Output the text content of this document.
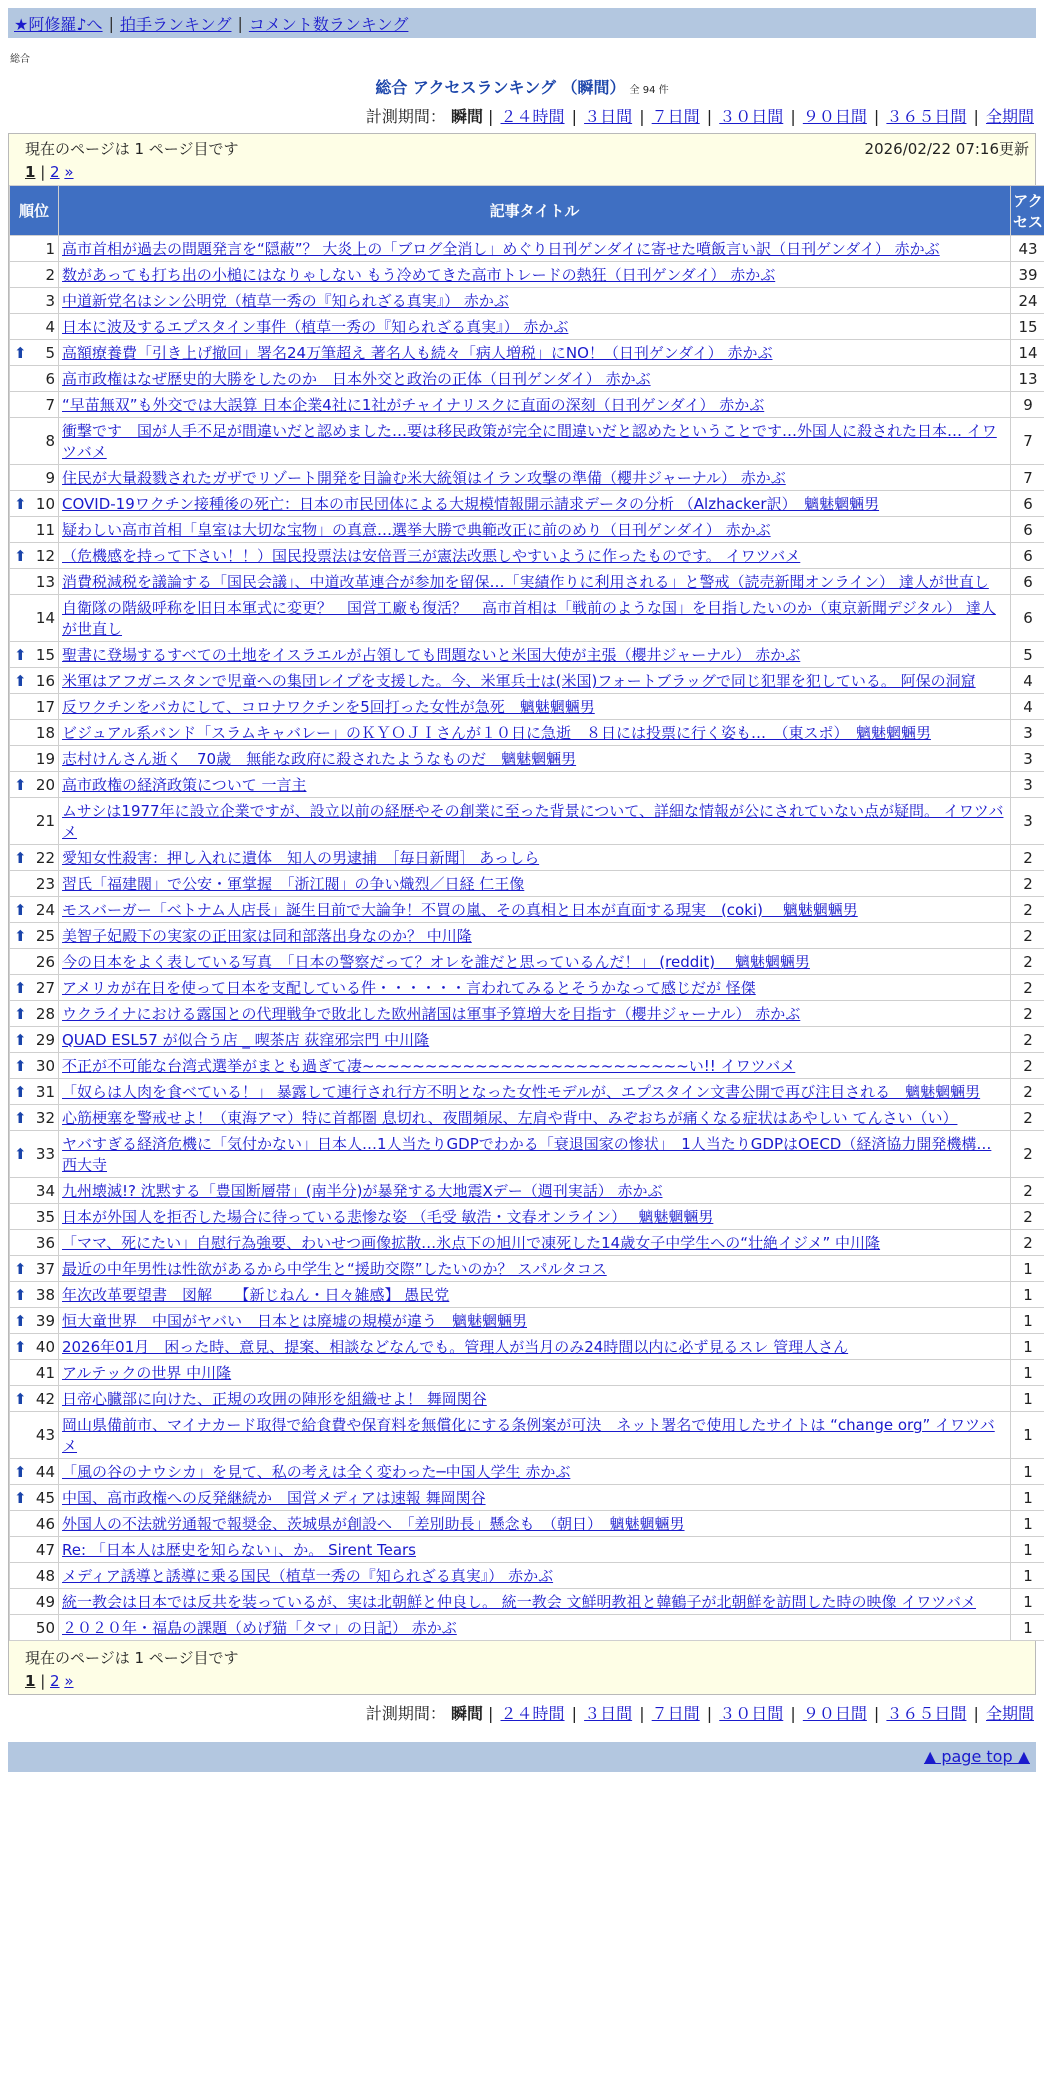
★阿修羅♪へ | 拍手ランキング | コメント数ランキング
総合
総合 アクセスランキング （瞬間） 全 94 件
計測期間： 瞬間 | ２４時間 | ３日間 | ７日間 | ３０日間 | ９０日間 | ３６５日間 | 全期間
現在のページは 1 ページ目です	2026/02/22 07:16更新
1 | 2 »
順位	記事タイトル	アクセス
1	高市首相が過去の問題発言を“隠蔽”？ 大炎上の「ブログ全消し」めぐり日刊ゲンダイに寄せた噴飯言い訳（日刊ゲンダイ） 赤かぶ	43
2	数があっても打ち出の小槌にはなりゃしない もう冷めてきた高市トレードの熱狂（日刊ゲンダイ） 赤かぶ	39
3	中道新党名はシン公明党（植草一秀の『知られざる真実』） 赤かぶ	24
4	日本に波及するエプスタイン事件（植草一秀の『知られざる真実』） 赤かぶ	15

⬆ 5	高額療養費「引き上げ撤回」署名24万筆超え 著名人も続々「病人増税」にNO！（日刊ゲンダイ） 赤かぶ	14
6	高市政権はなぜ歴史的大勝をしたのか　日本外交と政治の正体（日刊ゲンダイ） 赤かぶ	13
7	“早苗無双”も外交では大誤算 日本企業4社に1社がチャイナリスクに直面の深刻（日刊ゲンダイ） 赤かぶ	9
8	衝撃です　国が人手不足が間違いだと認めました…要は移民政策が完全に間違いだと認めたということです…外国人に殺された日本… イワツバメ	7
9	住民が大量殺戮されたガザでリゾート開発を目論む米大統領はイラン攻撃の準備（櫻井ジャーナル） 赤かぶ	7

⬆ 10	COVID-19ワクチン接種後の死亡：日本の市民団体による大規模情報開示請求データの分析 （Alzhacker訳）　魑魅魍魎男	6
11	疑わしい高市首相「皇室は大切な宝物」の真意…選挙大勝で典範改正に前のめり（日刊ゲンダイ） 赤かぶ	6

⬆ 12	（危機感を持って下さい！！）国民投票法は安倍晋三が憲法改悪しやすいように作ったものです。 イワツバメ	6
13	消費税減税を議論する「国民会議」、中道改革連合が参加を留保…「実績作りに利用される」と警戒（読売新聞オンライン） 達人が世直し	6
14	自衛隊の階級呼称を旧日本軍式に変更？　国営工廠も復活？　高市首相は「戦前のような国」を目指したいのか（東京新聞デジタル） 達人が世直し	6

⬆ 15	聖書に登場するすべての土地をイスラエルが占領しても問題ないと米国大使が主張（櫻井ジャーナル） 赤かぶ	5

⬆ 16	米軍はアフガニスタンで児童への集団レイプを支援した。今、米軍兵士は(米国)フォートブラッグで同じ犯罪を犯している。 阿保の洞窟	4
17	反ワクチンをバカにして、コロナワクチンを5回打った女性が急死　魑魅魍魎男	4
18	ビジュアル系バンド「スラムキャバレー」のＫＹＯＪＩさんが１０日に急逝　８日には投票に行く姿も…　（東スポ）　魑魅魍魎男	3
19	志村けんさん逝く　70歳　無能な政府に殺されたようなものだ　魑魅魍魎男	3

⬆ 20	高市政権の経済政策について 一言主	3
21	ムサシは1977年に設立企業ですが、設立以前の経歴やその創業に至った背景について、詳細な情報が公にされていない点が疑問。 イワツバメ	3

⬆ 22	愛知女性殺害：押し入れに遺体　知人の男逮捕　［毎日新聞］ あっしら	2
23	習氏「福建閥」で公安・軍掌握　「浙江閥」の争い熾烈／日経 仁王像	2

⬆ 24	モスバーガー「ベトナム人店長」誕生目前で大論争！不買の嵐、その真相と日本が直面する現実　(coki)　 魑魅魍魎男	2

⬆ 25	美智子妃殿下の実家の正田家は同和部落出身なのか？ 中川隆	2
26	今の日本をよく表している写真　「日本の警察だって？オレを誰だと思っているんだ！」 (reddit)　 魑魅魍魎男	2

⬆ 27	アメリカが在日を使って日本を支配している件・・・・・・言われてみるとそうかなって感じだが 怪傑	2

⬆ 28	ウクライナにおける露国との代理戦争で敗北した欧州諸国は軍事予算増大を目指す（櫻井ジャーナル） 赤かぶ	2

⬆ 29	QUAD ESL57 が似合う店 _ 喫茶店 荻窪邪宗門 中川隆	2

⬆ 30	不正が不可能な台湾式選挙がまとも過ぎて凄~~~~~~~~~~~~~~~~~~~~~~~~~~い!! イワツバメ	2

⬆ 31	「奴らは人肉を食べている！」 暴露して連行され行方不明となった女性モデルが、エプスタイン文書公開で再び注目される　魑魅魍魎男	2

⬆ 32	心筋梗塞を警戒せよ！（東海アマ）特に首都圏 息切れ、夜間頻尿、左肩や背中、みぞおちが痛くなる症状はあやしい てんさい（い）	2

⬆ 33	ヤバすぎる経済危機に「気付かない」日本人…1人当たりGDPでわかる「衰退国家の惨状」　1人当たりGDPはOECD（経済協力開発機構… 西大寺	2
34	九州壊滅!? 沈黙する「豊国断層帯」(南半分)が暴発する大地震Xデー（週刊実話） 赤かぶ	2
35	日本が外国人を拒否した場合に待っている悲惨な姿 （毛受 敏浩・文春オンライン）　 魑魅魍魎男	2
36	「ママ、死にたい」自慰行為強要、わいせつ画像拡散…氷点下の旭川で凍死した14歳女子中学生への“壮絶イジメ” 中川隆	2

⬆ 37	最近の中年男性は性欲があるから中学生と“援助交際”したいのか？ スパルタコス	1

⬆ 38	年次改革要望書　図解　　【新じねん・日々雑感】 愚民党	1

⬆ 39	恒大童世界　中国がヤバい　日本とは廃墟の規模が違う　魑魅魍魎男	1

⬆ 40	2026年01月　困った時、意見、提案、相談などなんでも。管理人が当月のみ24時間以内に必ず見るスレ 管理人さん	1
41	アルテックの世界 中川隆	1

⬆ 42	日帝心臓部に向けた、正規の攻囲の陣形を組織せよ！ 舞岡関谷	1
43	岡山県備前市、マイナカード取得で給食費や保育料を無償化にする条例案が可決　ネット署名で使用したサイトは “change org” イワツバメ	1

⬆ 44	「風の谷のナウシカ」を見て、私の考えは全く変わった─中国人学生 赤かぶ	1

⬆ 45	中国、高市政権への反発継続か　国営メディアは速報 舞岡関谷	1
46	外国人の不法就労通報で報奨金、茨城県が創設へ　「差別助長」懸念も　（朝日）　魑魅魍魎男	1
47	Re: 「日本人は歴史を知らない」、か。 Sirent Tears	1
48	メディア誘導と誘導に乗る国民（植草一秀の『知られざる真実』） 赤かぶ	1
49	統一教会は日本では反共を装っているが、実は北朝鮮と仲良し。 統一教会 文鮮明教祖と韓鶴子が北朝鮮を訪問した時の映像 イワツバメ	1
50	２０２０年・福島の課題（めげ猫「タマ」の日記） 赤かぶ	1
現在のページは 1 ページ目です
1 | 2 »
計測期間： 瞬間 | ２４時間 | ３日間 | ７日間 | ３０日間 | ９０日間 | ３６５日間 | 全期間
▲ page top ▲
